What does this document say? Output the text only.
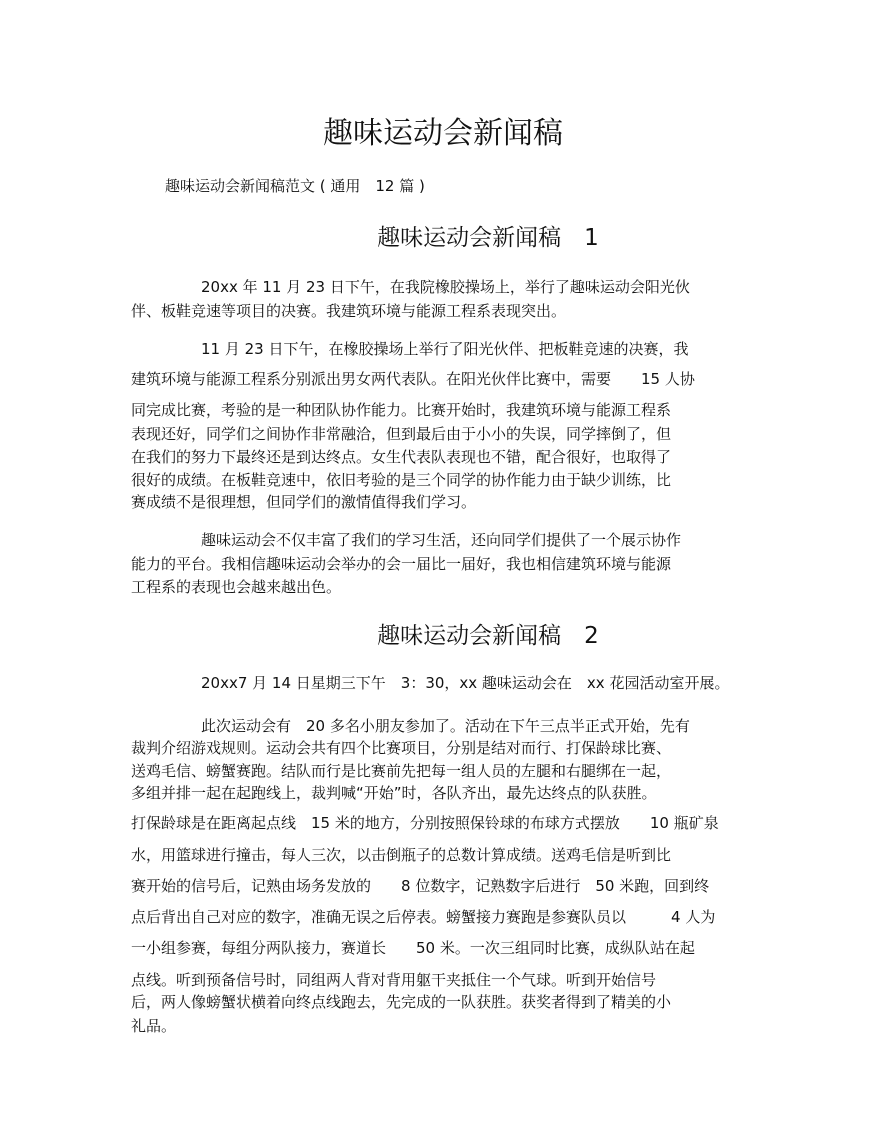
趣味运动会新闻稿
趣味运动会新闻稿范文 ( 通用　12 篇 )
趣味运动会新闻稿　1
20xx 年 11 月 23 日下午，在我院橡胶操场上，举行了趣味运动会阳光伙
伴、板鞋竞速等项目的决赛。我建筑环境与能源工程系表现突出。
11 月 23 日下午，在橡胶操场上举行了阳光伙伴、把板鞋竞速的决赛，我
建筑环境与能源工程系分别派出男女两代表队。在阳光伙伴比赛中，需要　　15 人协
同完成比赛，考验的是一种团队协作能力。比赛开始时，我建筑环境与能源工程系
表现还好，同学们之间协作非常融洽，但到最后由于小小的失误，同学摔倒了，但
在我们的努力下最终还是到达终点。女生代表队表现也不错，配合很好，也取得了
很好的成绩。在板鞋竞速中，依旧考验的是三个同学的协作能力由于缺少训练，比
赛成绩不是很理想，但同学们的激情值得我们学习。
趣味运动会不仅丰富了我们的学习生活，还向同学们提供了一个展示协作
能力的平台。我相信趣味运动会举办的会一届比一届好，我也相信建筑环境与能源
工程系的表现也会越来越出色。
趣味运动会新闻稿　2
20xx7 月 14 日星期三下午　3：30，xx 趣味运动会在　xx 花园活动室开展。
此次运动会有　20 多名小朋友参加了。活动在下午三点半正式开始，先有
裁判介绍游戏规则。运动会共有四个比赛项目，分别是结对而行、打保龄球比赛、
送鸡毛信、螃蟹赛跑。结队而行是比赛前先把每一组人员的左腿和右腿绑在一起，
多组并排一起在起跑线上，裁判喊“开始”时，各队齐出，最先达终点的队获胜。
打保龄球是在距离起点线　15 米的地方，分别按照保铃球的布球方式摆放　　10 瓶矿泉
水，用篮球进行撞击，每人三次，以击倒瓶子的总数计算成绩。送鸡毛信是听到比
赛开始的信号后，记熟由场务发放的　　8 位数字，记熟数字后进行　50 米跑，回到终
点后背出自己对应的数字，准确无误之后停表。螃蟹接力赛跑是参赛队员以　　　4 人为
一小组参赛，每组分两队接力，赛道长　　50 米。一次三组同时比赛，成纵队站在起
点线。听到预备信号时，同组两人背对背用躯干夹抵住一个气球。听到开始信号
后，两人像螃蟹状横着向终点线跑去，先完成的一队获胜。获奖者得到了精美的小
礼品。
